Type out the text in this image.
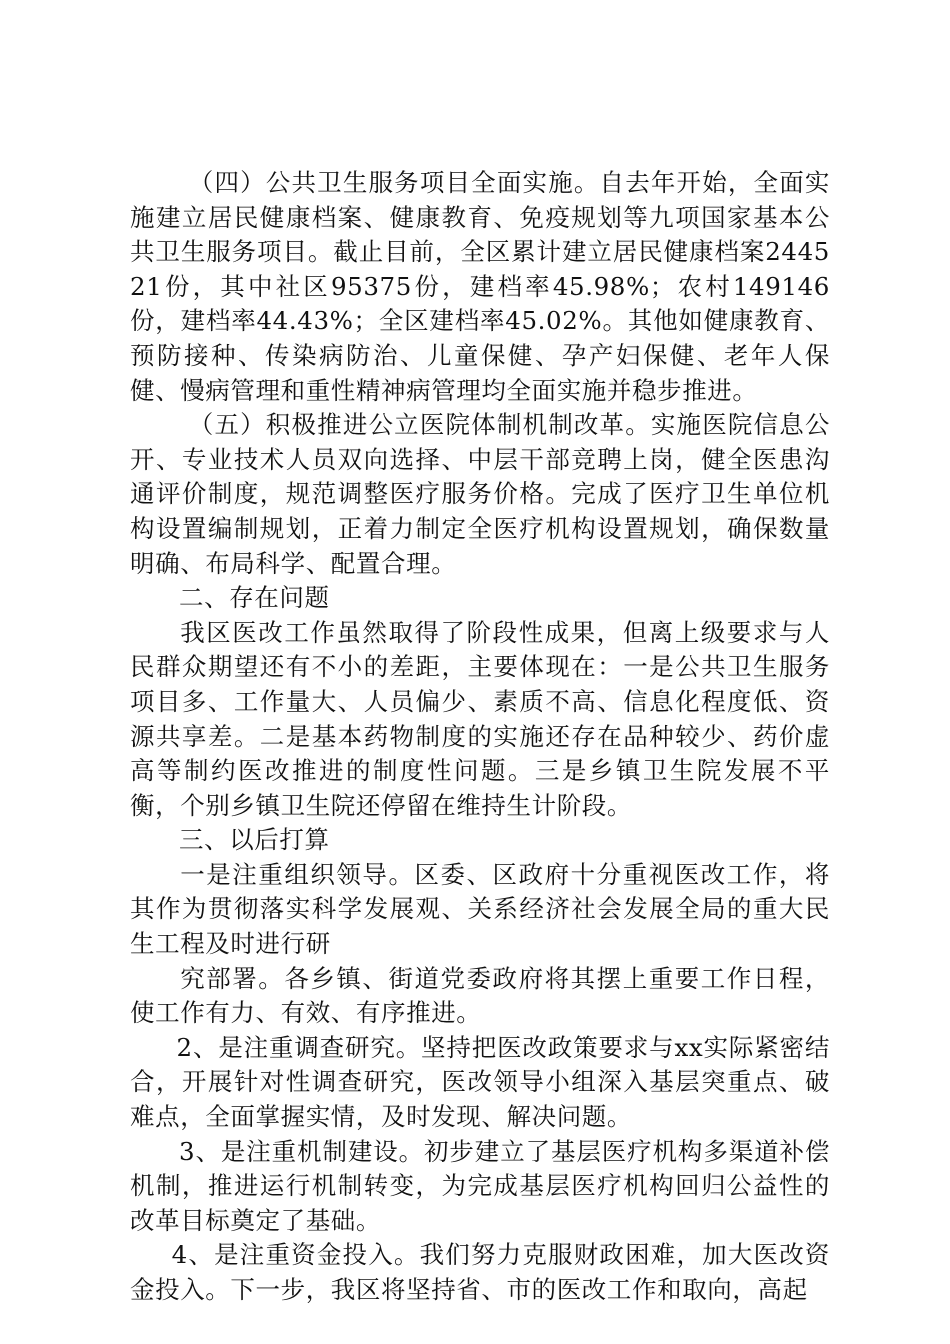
（四）公共卫生服务项目全面实施。自去年开始，全面实施建立居民健康档案、健康教育、免疫规划等九项国家基本公共卫生服务项目。截止目前，全区累计建立居民健康档案244521份，其中社区95375份，建档率45.98%；农村149146份，建档率44.43%；全区建档率45.02%。其他如健康教育、预防接种、传染病防治、儿童保健、孕产妇保健、老年人保健、慢病管理和重性精神病管理均全面实施并稳步推进。

（五）积极推进公立医院体制机制改革。实施医院信息公开、专业技术人员双向选择、中层干部竞聘上岗，健全医患沟通评价制度，规范调整医疗服务价格。完成了医疗卫生单位机构设置编制规划，正着力制定全医疗机构设置规划，确保数量明确、布局科学、配置合理。

二、存在问题

我区医改工作虽然取得了阶段性成果，但离上级要求与人民群众期望还有不小的差距，主要体现在：一是公共卫生服务项目多、工作量大、人员偏少、素质不高、信息化程度低、资源共享差。二是基本药物制度的实施还存在品种较少、药价虚高等制约医改推进的制度性问题。三是乡镇卫生院发展不平衡，个别乡镇卫生院还停留在维持生计阶段。

三、以后打算

一是注重组织领导。区委、区政府十分重视医改工作，将其作为贯彻落实科学发展观、关系经济社会发展全局的重大民生工程及时进行研

究部署。各乡镇、街道党委政府将其摆上重要工作日程，使工作有力、有效、有序推进。

2、是注重调查研究。坚持把医改政策要求与xx实际紧密结合，开展针对性调查研究，医改领导小组深入基层突重点、破难点，全面掌握实情，及时发现、解决问题。

3、是注重机制建设。初步建立了基层医疗机构多渠道补偿机制，推进运行机制转变，为完成基层医疗机构回归公益性的改革目标奠定了基础。

4、是注重资金投入。我们努力克服财政困难，加大医改资金投入。下一步，我区将坚持省、市的医改工作和取向，高起
